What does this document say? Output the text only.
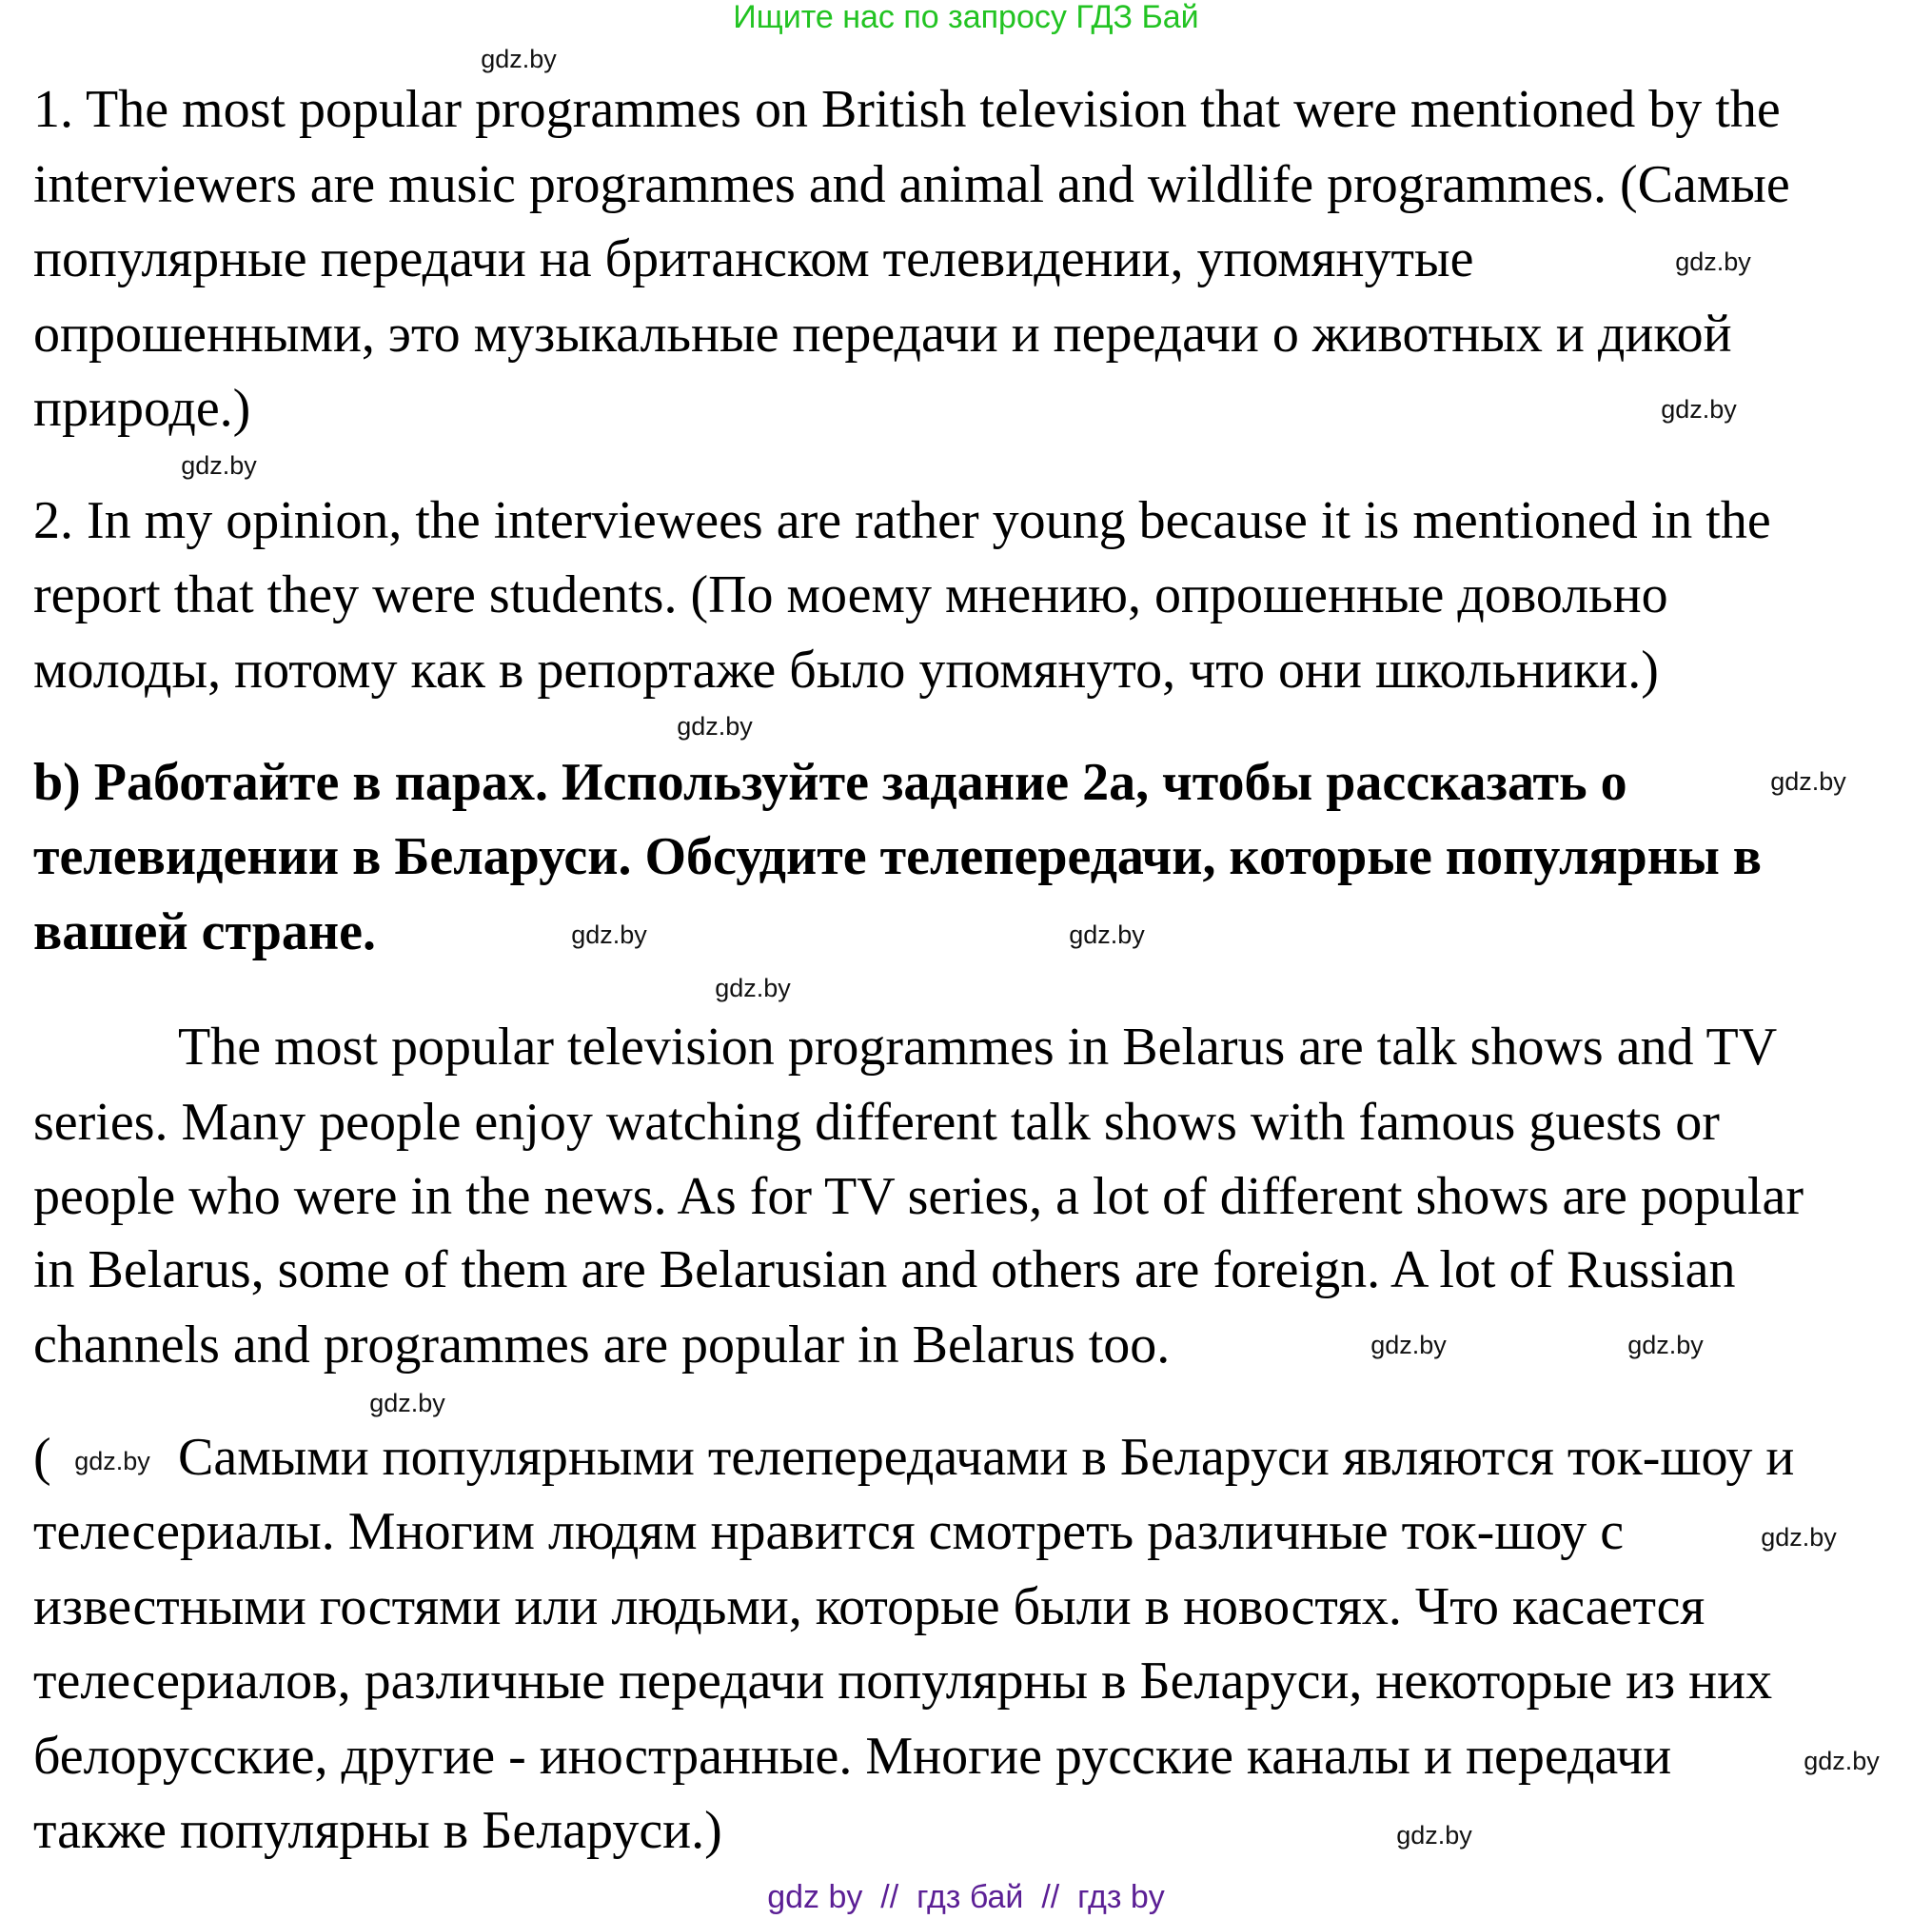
Ищите нас по запросу ГДЗ Бай
1. The most popular programmes on British television that were mentioned by the
interviewers are music programmes and animal and wildlife programmes. (Самые
популярные передачи на британском телевидении, упомянутые
опрошенными, это музыкальные передачи и передачи о животных и дикой
природе.)
2. In my opinion, the interviewees are rather young because it is mentioned in the
report that they were students. (По моему мнению, опрошенные довольно
молоды, потому как в репортаже было упомянуто, что они школьники.)
b) Работайте в парах. Используйте задание 2а, чтобы рассказать о
телевидении в Беларуси. Обсудите телепередачи, которые популярны в
вашей стране.
The most popular television programmes in Belarus are talk shows and TV
series. Many people enjoy watching different talk shows with famous guests or
people who were in the news. As for TV series, a lot of different shows are popular
in Belarus, some of them are Belarusian and others are foreign. A lot of Russian
channels and programmes are popular in Belarus too.
( Самыми популярными телепередачами в Беларуси являются ток-шоу и
телесериалы. Многим людям нравится смотреть различные ток-шоу с
известными гостями или людьми, которые были в новостях. Что касается
телесериалов, различные передачи популярны в Беларуси, некоторые из них
белорусские, другие - иностранные. Многие русские каналы и передачи
также популярны в Беларуси.)
gdz.by
gdz.by
gdz.by
gdz.by
gdz.by
gdz.by
gdz.by
gdz.by
gdz.by
gdz.by
gdz.by
gdz.by
gdz.by
gdz.by
gdz.by
gdz.by
gdz by  //  гдз бай  //  гдз by
